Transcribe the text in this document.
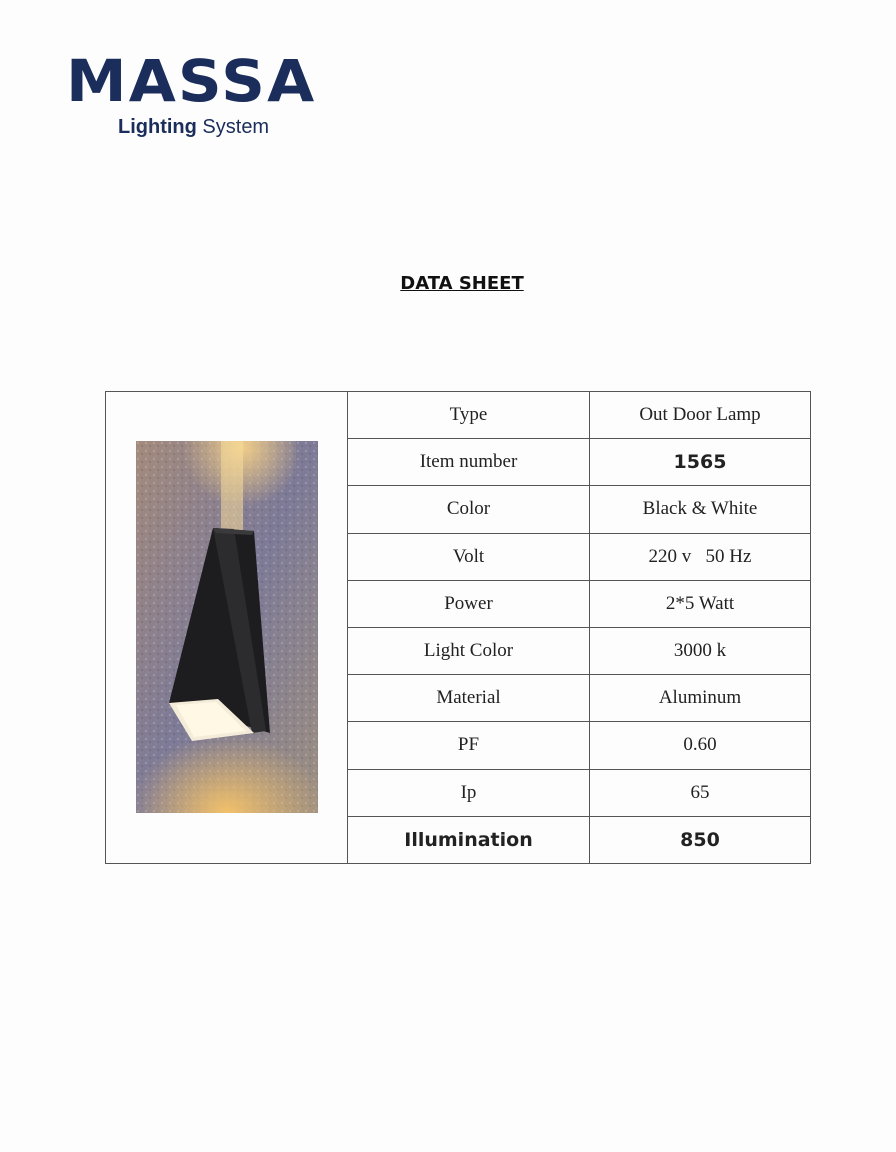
MASSA
Lighting System
DATA SHEET
	Type	Out Door Lamp
	Item number	1565
	Color	Black & White
	Volt	220 v   50 Hz
	Power	2*5 Watt
	Light Color	3000 k
	Material	Aluminum
	PF	0.60
	Ip	65
	Illumination	850
